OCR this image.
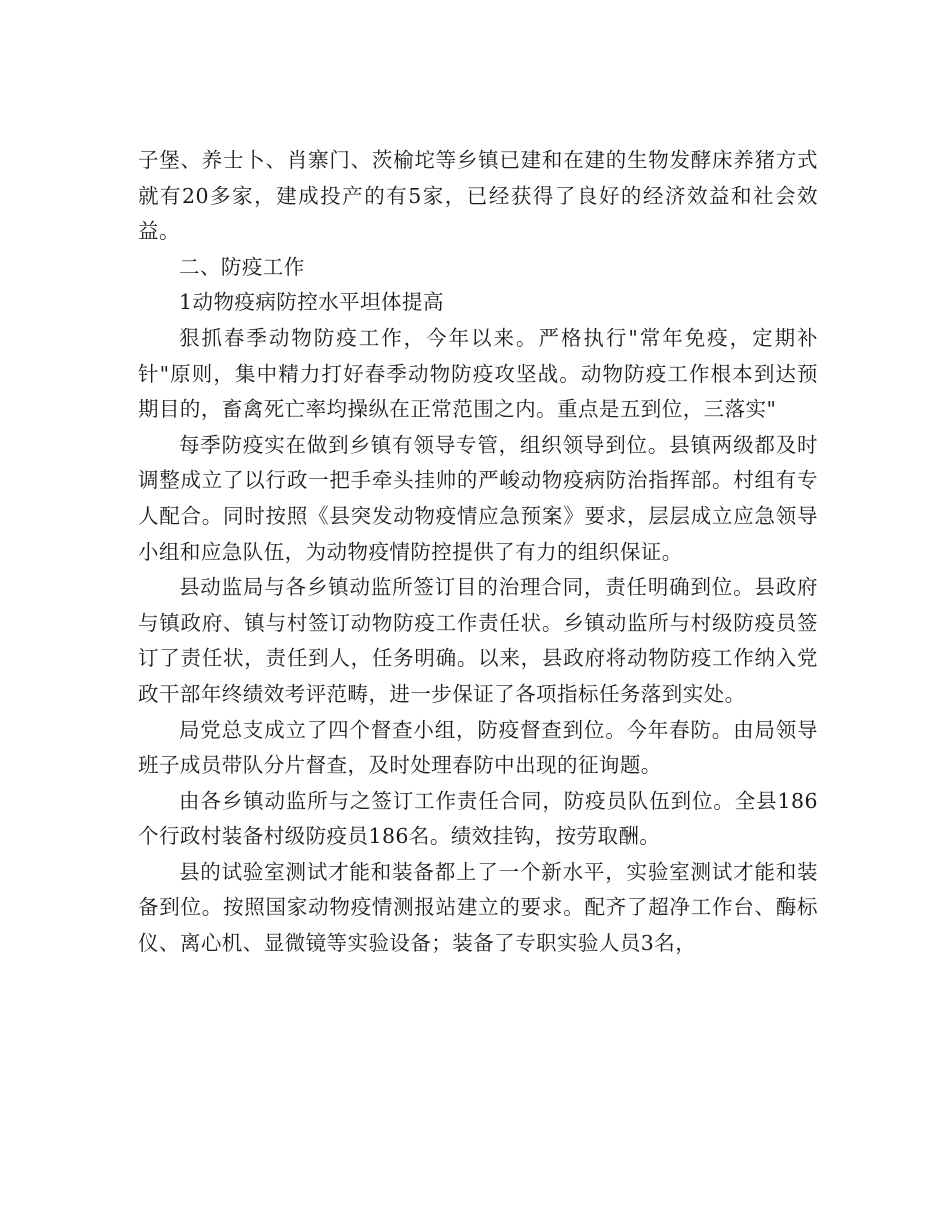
子堡、养士卜、肖寨门、茨榆坨等乡镇已建和在建的生物发酵床养猪方式就有20多家，建成投产的有5家，已经获得了良好的经济效益和社会效益。

二、防疫工作

1动物疫病防控水平坦体提高

狠抓春季动物防疫工作，今年以来。严格执行"常年免疫，定期补针"原则，集中精力打好春季动物防疫攻坚战。动物防疫工作根本到达预期目的，畜禽死亡率均操纵在正常范围之内。重点是五到位，三落实"

每季防疫实在做到乡镇有领导专管，组织领导到位。县镇两级都及时调整成立了以行政一把手牵头挂帅的严峻动物疫病防治指挥部。村组有专人配合。同时按照《县突发动物疫情应急预案》要求，层层成立应急领导小组和应急队伍，为动物疫情防控提供了有力的组织保证。

县动监局与各乡镇动监所签订目的治理合同，责任明确到位。县政府与镇政府、镇与村签订动物防疫工作责任状。乡镇动监所与村级防疫员签订了责任状，责任到人，任务明确。以来，县政府将动物防疫工作纳入党政干部年终绩效考评范畴，进一步保证了各项指标任务落到实处。

局党总支成立了四个督查小组，防疫督查到位。今年春防。由局领导班子成员带队分片督查，及时处理春防中出现的征询题。

由各乡镇动监所与之签订工作责任合同，防疫员队伍到位。全县186个行政村装备村级防疫员186名。绩效挂钩，按劳取酬。

县的试验室测试才能和装备都上了一个新水平，实验室测试才能和装备到位。按照国家动物疫情测报站建立的要求。配齐了超净工作台、酶标仪、离心机、显微镜等实验设备；装备了专职实验人员3名，
